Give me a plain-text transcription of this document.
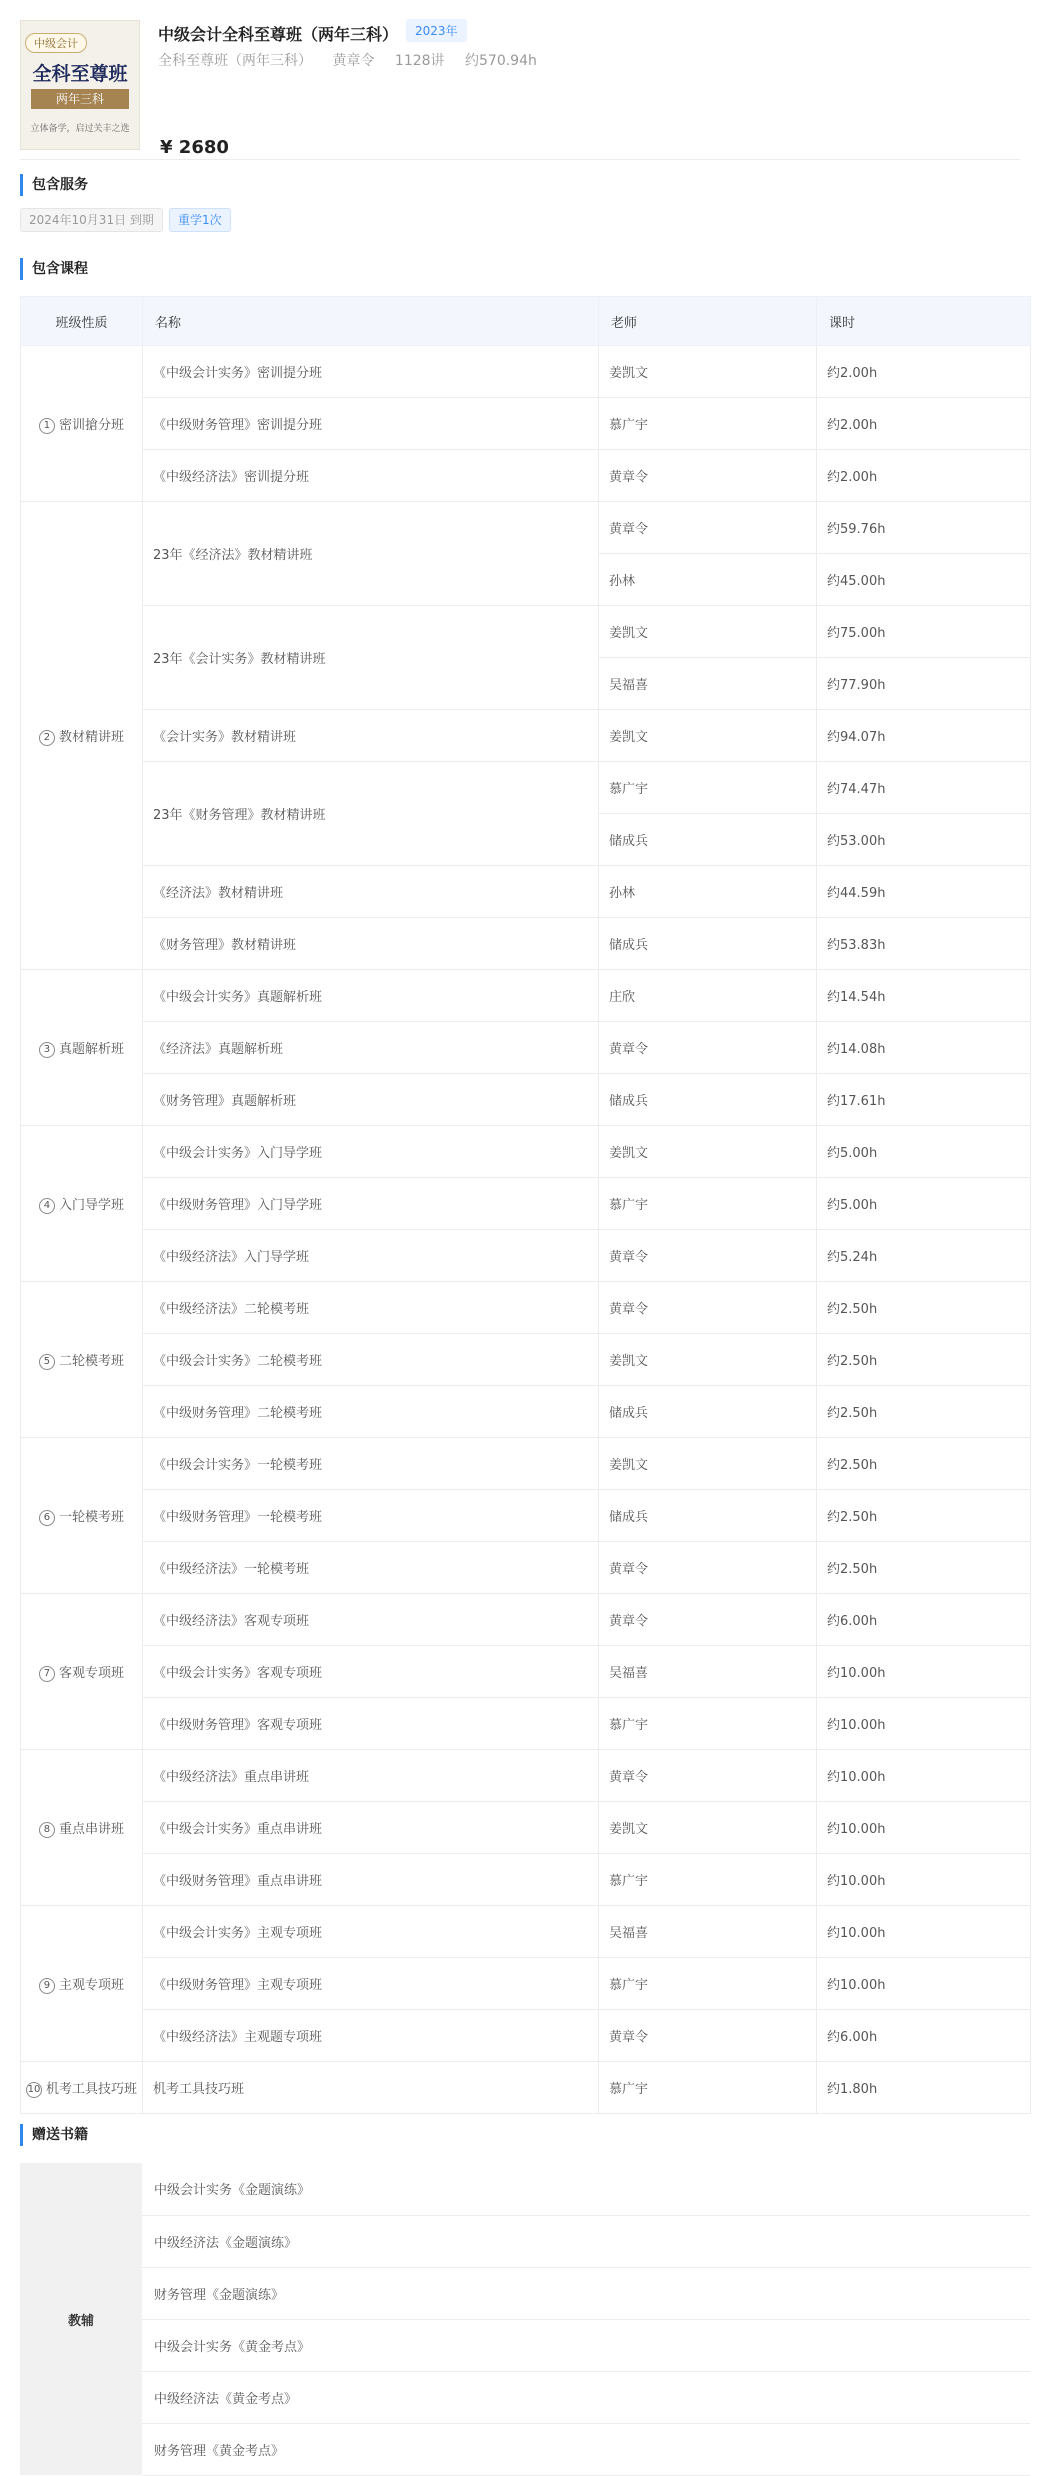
中级会计
全科至尊班
两年三科
立体备学，启过关丰之选
中级会计全科至尊班（两年三科）	2023年
全科至尊班（两年三科） 黄章令 1128讲 约570.94h
¥ 2680
包含服务
2024年10月31日 到期	重学1次
包含课程
班级性质	名称	老师	课时
1 密训搶分班	《中级会计实务》密训提分班	姜凯文	约2.00h
	《中级财务管理》密训提分班	慕广宇	约2.00h
	《中级经济法》密训提分班	黄章令	约2.00h
2 教材精讲班	23年《经济法》教材精讲班	黄章令	约59.76h
		孙林	约45.00h
	23年《会计实务》教材精讲班	姜凯文	约75.00h
		吴福喜	约77.90h
	《会计实务》教材精讲班	姜凯文	约94.07h
	23年《财务管理》教材精讲班	慕广宇	约74.47h
		储成兵	约53.00h
	《经济法》教材精讲班	孙林	约44.59h
	《财务管理》教材精讲班	储成兵	约53.83h
3 真题解析班	《中级会计实务》真题解析班	庄欣	约14.54h
	《经济法》真题解析班	黄章令	约14.08h
	《财务管理》真题解析班	储成兵	约17.61h
4 入门导学班	《中级会计实务》入门导学班	姜凯文	约5.00h
	《中级财务管理》入门导学班	慕广宇	约5.00h
	《中级经济法》入门导学班	黄章令	约5.24h
5 二轮模考班	《中级经济法》二轮模考班	黄章令	约2.50h
	《中级会计实务》二轮模考班	姜凯文	约2.50h
	《中级财务管理》二轮模考班	储成兵	约2.50h
6 一轮模考班	《中级会计实务》一轮模考班	姜凯文	约2.50h
	《中级财务管理》一轮模考班	储成兵	约2.50h
	《中级经济法》一轮模考班	黄章令	约2.50h
7 客观专项班	《中级经济法》客观专项班	黄章令	约6.00h
	《中级会计实务》客观专项班	吴福喜	约10.00h
	《中级财务管理》客观专项班	慕广宇	约10.00h
8 重点串讲班	《中级经济法》重点串讲班	黄章令	约10.00h
	《中级会计实务》重点串讲班	姜凯文	约10.00h
	《中级财务管理》重点串讲班	慕广宇	约10.00h
9 主观专项班	《中级会计实务》主观专项班	吴福喜	约10.00h
	《中级财务管理》主观专项班	慕广宇	约10.00h
	《中级经济法》主观题专项班	黄章令	约6.00h
10 机考工具技巧班	机考工具技巧班	慕广宇	约1.80h
赠送书籍
教辅	中级会计实务《金题演练》
中级经济法《金题演练》
财务管理《金题演练》
中级会计实务《黄金考点》
中级经济法《黄金考点》
财务管理《黄金考点》
